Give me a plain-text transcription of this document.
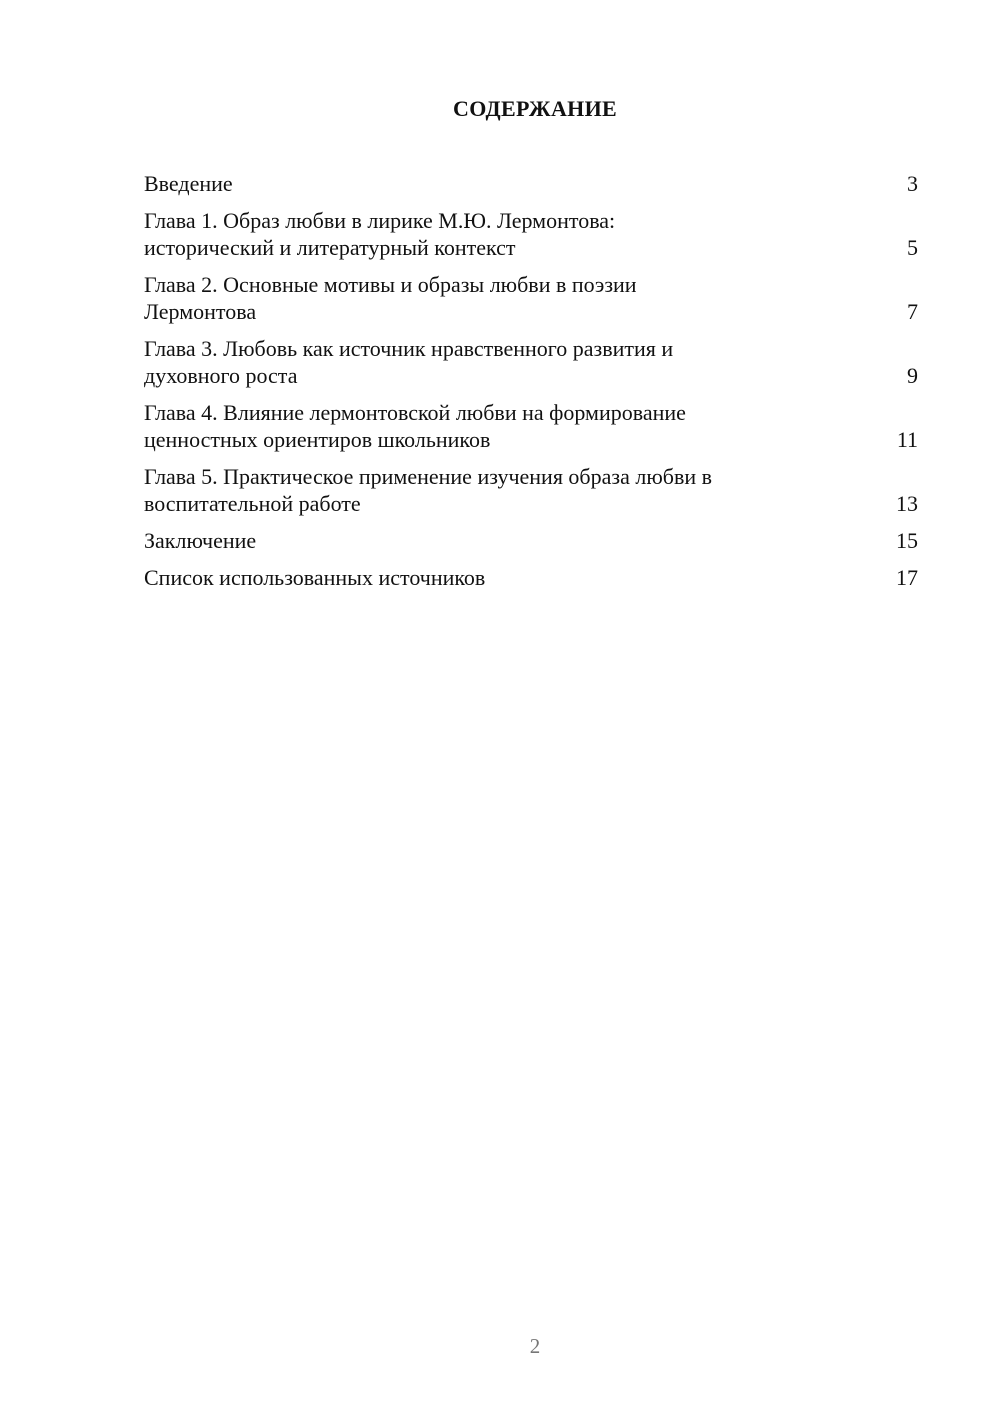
СОДЕРЖАНИЕ
Введение	3
Глава 1. Образ любви в лирике М.Ю. Лермонтова:
исторический и литературный контекст	5
Глава 2. Основные мотивы и образы любви в поэзии
Лермонтова	7
Глава 3. Любовь как источник нравственного развития и
духовного роста	9
Глава 4. Влияние лермонтовской любви на формирование
ценностных ориентиров школьников	11
Глава 5. Практическое применение изучения образа любви в
воспитательной работе	13
Заключение	15
Список использованных источников	17
2
